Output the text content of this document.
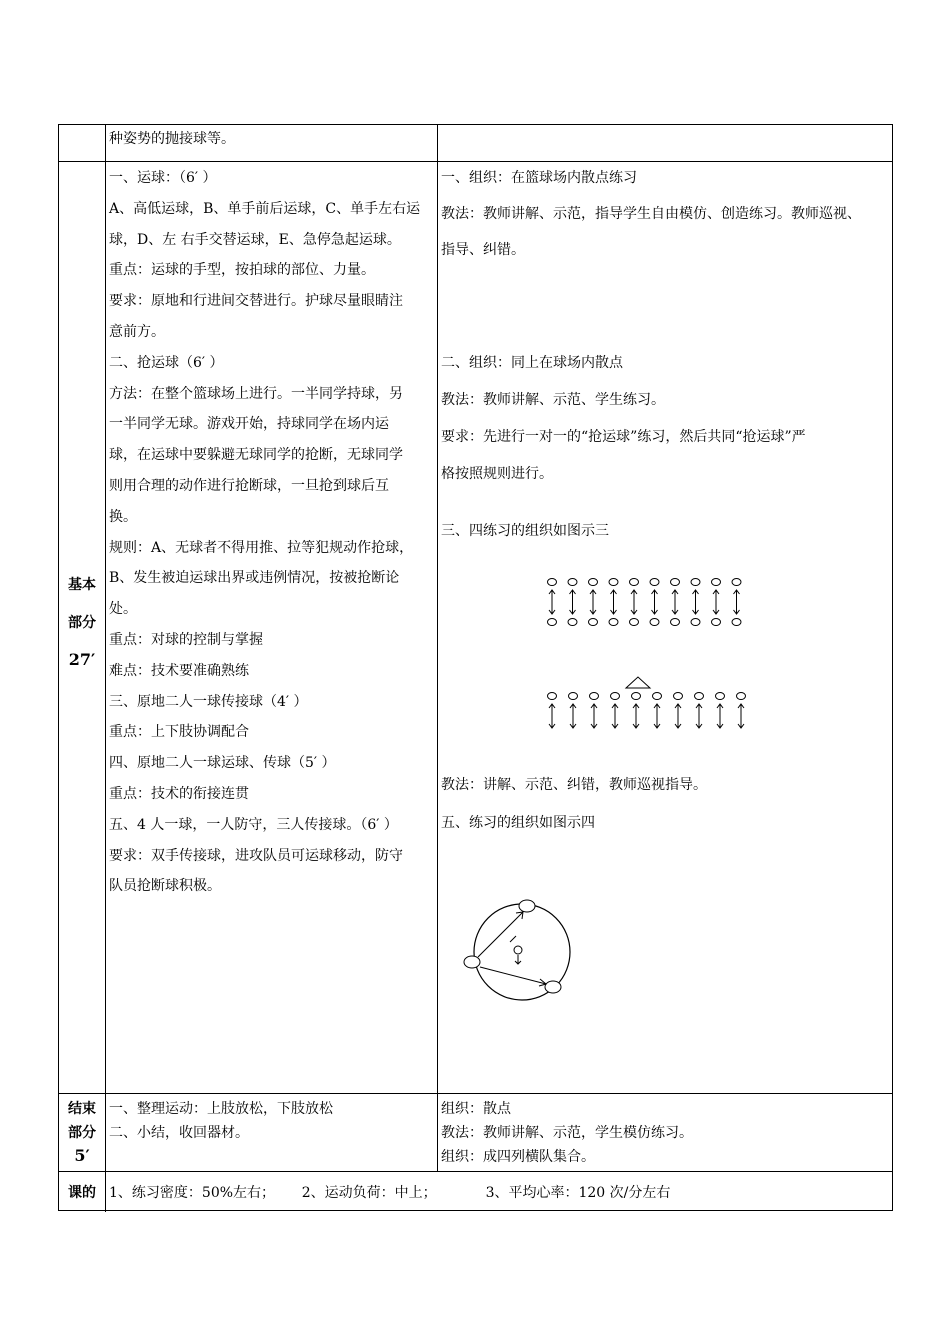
种姿势的抛接球等。
基本
部分
27′
一、运球：（6′ ）
A、高低运球，B、单手前后运球，C、单手左右运
球，D、左 右手交替运球，E、急停急起运球。
重点：运球的手型，按拍球的部位、力量。
要求：原地和行进间交替进行。护球尽量眼睛注
意前方。
二、抢运球（6′ ）
方法：在整个篮球场上进行。一半同学持球，另
一半同学无球。游戏开始，持球同学在场内运
球，在运球中要躲避无球同学的抢断，无球同学
则用合理的动作进行抢断球，一旦抢到球后互
换。
规则：A、无球者不得用推、拉等犯规动作抢球，
B、发生被迫运球出界或违例情况，按被抢断论
处。
重点：对球的控制与掌握
难点：技术要准确熟练
三、原地二人一球传接球（4′ ）
重点：上下肢协调配合
四、原地二人一球运球、传球（5′ ）
重点：技术的衔接连贯
五、4 人一球，一人防守，三人传接球。（6′ ）
要求：双手传接球，进攻队员可运球移动，防守
队员抢断球积极。
一、组织：在篮球场内散点练习
教法：教师讲解、示范，指导学生自由模仿、创造练习。教师巡视、
指导、纠错。
二、组织：同上在球场内散点
教法：教师讲解、示范、学生练习。
要求：先进行一对一的“抢运球”练习，然后共同“抢运球”严
格按照规则进行。
三、四练习的组织如图示三
教法：讲解、示范、纠错，教师巡视指导。
五、练习的组织如图示四
结束
部分
5′
一、整理运动：上肢放松，下肢放松
二、小结，收回器材。
组织：散点
教法：教师讲解、示范，学生模仿练习。
组织：成四列横队集合。
课的 1、练习密度：50%左右；      2、运动负荷：中上；           3、平均心率：120 次/分左右
